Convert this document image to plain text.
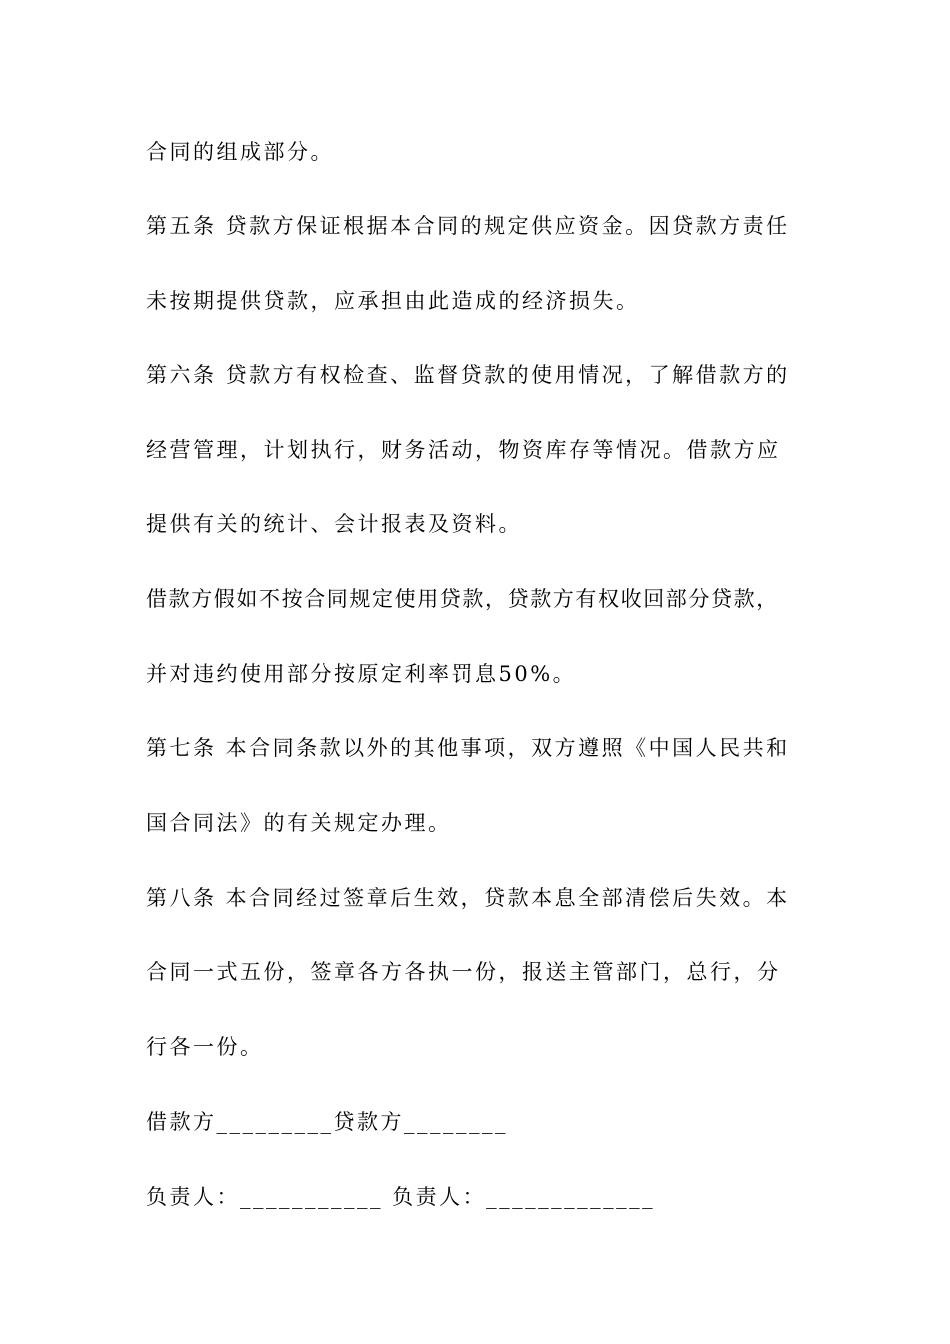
合同的组成部分。
第五条 贷款方保证根据本合同的规定供应资金。因贷款方责任
未按期提供贷款，应承担由此造成的经济损失。
第六条 贷款方有权检查、监督贷款的使用情况，了解借款方的
经营管理，计划执行，财务活动，物资库存等情况。借款方应
提供有关的统计、会计报表及资料。
借款方假如不按合同规定使用贷款，贷款方有权收回部分贷款，
并对违约使用部分按原定利率罚息50%。
第七条 本合同条款以外的其他事项，双方遵照《中国人民共和
国合同法》的有关规定办理。
第八条 本合同经过签章后生效，贷款本息全部清偿后失效。本
合同一式五份，签章各方各执一份，报送主管部门，总行，分
行各一份。
借款方_________贷款方________
负责人：___________ 负责人：_____________
